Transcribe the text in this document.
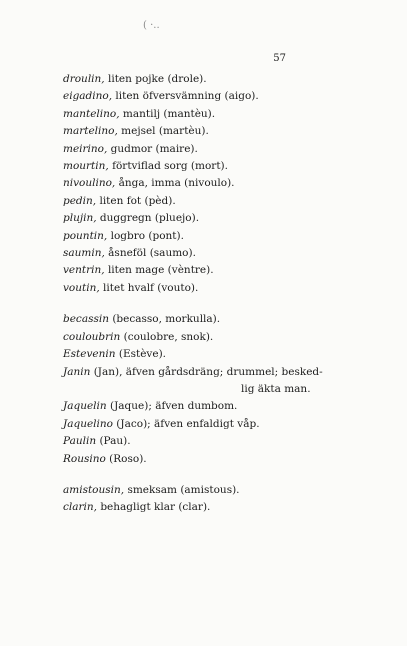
( ·..
57
droulin, liten pojke (drole).
eigadino, liten öfversvämning (aigo).
mantelino, mantilj (mantèu).
martelino, mejsel (martèu).
meirino, gudmor (maire).
mourtin, förtviflad sorg (mort).
nivoulino, ånga, imma (nivoulo).
pedin, liten fot (pèd).
plujin, duggregn (pluejo).
pountin, logbro (pont).
saumin, åsneföl (saumo).
ventrin, liten mage (vèntre).
voutin, litet hvalf (vouto).
becassin (becasso, morkulla).
couloubrin (coulobre, snok).
Estevenin (Estève).
Janin (Jan), äfven gårdsdräng; drummel; besked-
lig äkta man.
Jaquelin (Jaque); äfven dumbom.
Jaquelino (Jaco); äfven enfaldigt våp.
Paulin (Pau).
Rousino (Roso).
amistousin, smeksam (amistous).
clarin, behagligt klar (clar).
